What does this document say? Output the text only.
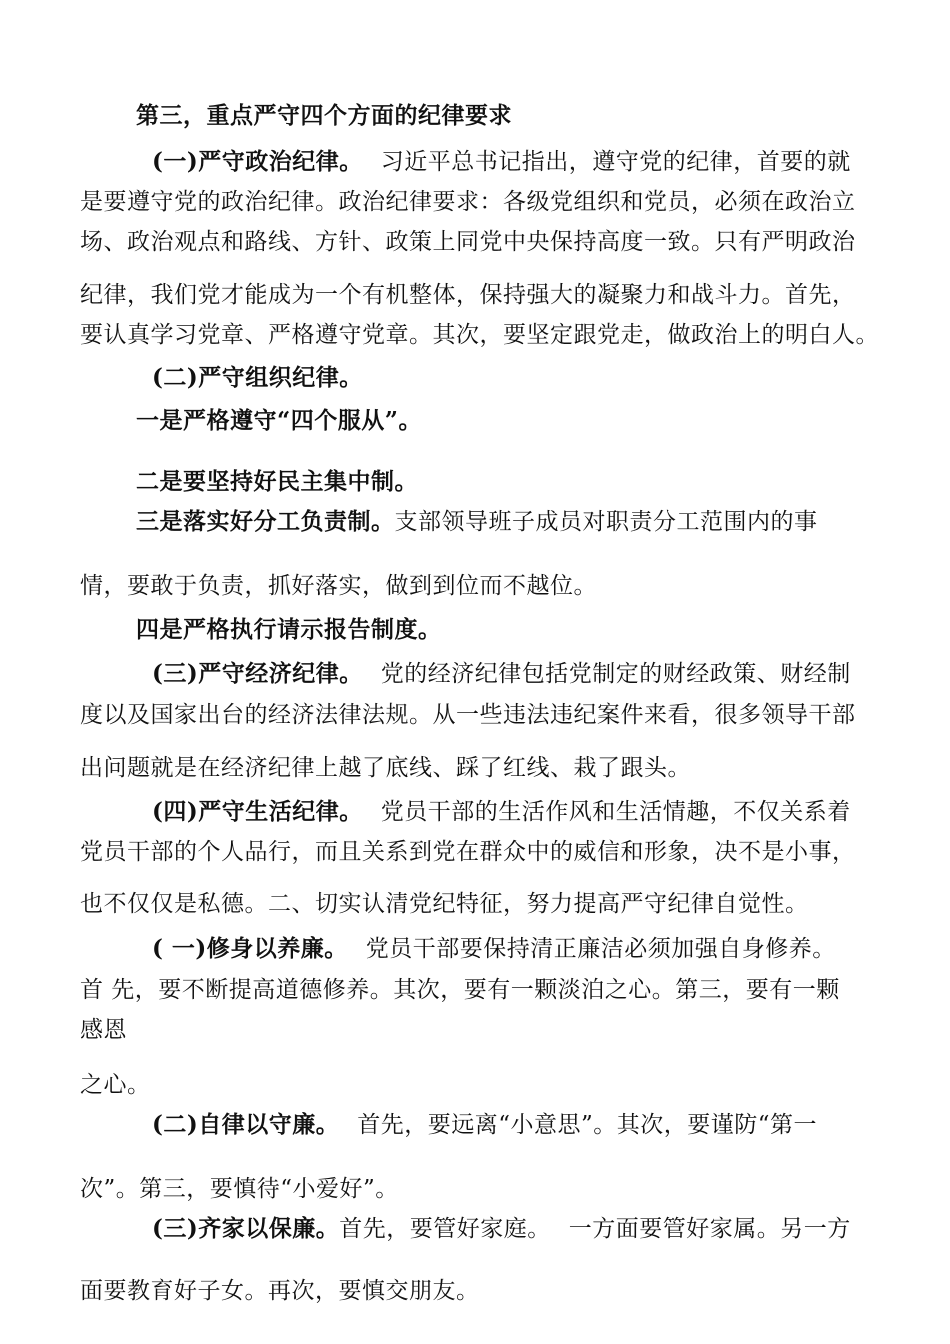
第三，重点严守四个方面的纪律要求
(一)严守政治纪律。 习近平总书记指出，遵守党的纪律，首要的就
是要遵守党的政治纪律。政治纪律要求：各级党组织和党员，必须在政治立
场、政治观点和路线、方针、政策上同党中央保持高度一致。只有严明政治
纪律，我们党才能成为一个有机整体，保持强大的凝聚力和战斗力。首先，
要认真学习党章、严格遵守党章。其次，要坚定跟党走，做政治上的明白人。
(二)严守组织纪律。
一是严格遵守“四个服从”。
二是要坚持好民主集中制。
三是落实好分工负责制。支部领导班子成员对职责分工范围内的事
情，要敢于负责，抓好落实，做到到位而不越位。
四是严格执行请示报告制度。
(三)严守经济纪律。 党的经济纪律包括党制定的财经政策、财经制
度以及国家出台的经济法律法规。从一些违法违纪案件来看，很多领导干部
出问题就是在经济纪律上越了底线、踩了红线、栽了跟头。
(四)严守生活纪律。 党员干部的生活作风和生活情趣，不仅关系着
党员干部的个人品行，而且关系到党在群众中的威信和形象，决不是小事，
也不仅仅是私德。二、切实认清党纪特征，努力提高严守纪律自觉性。
( 一)修身以养廉。 党员干部要保持清正廉洁必须加强自身修养。
首 先，要不断提高道德修养。其次，要有一颗淡泊之心。第三，要有一颗
感恩
之心。
(二)自律以守廉。 首先，要远离“小意思”。其次，要谨防“第一
次”。第三，要慎待“小爱好”。
(三)齐家以保廉。首先，要管好家庭。 一方面要管好家属。另一方
面要教育好子女。再次，要慎交朋友。
